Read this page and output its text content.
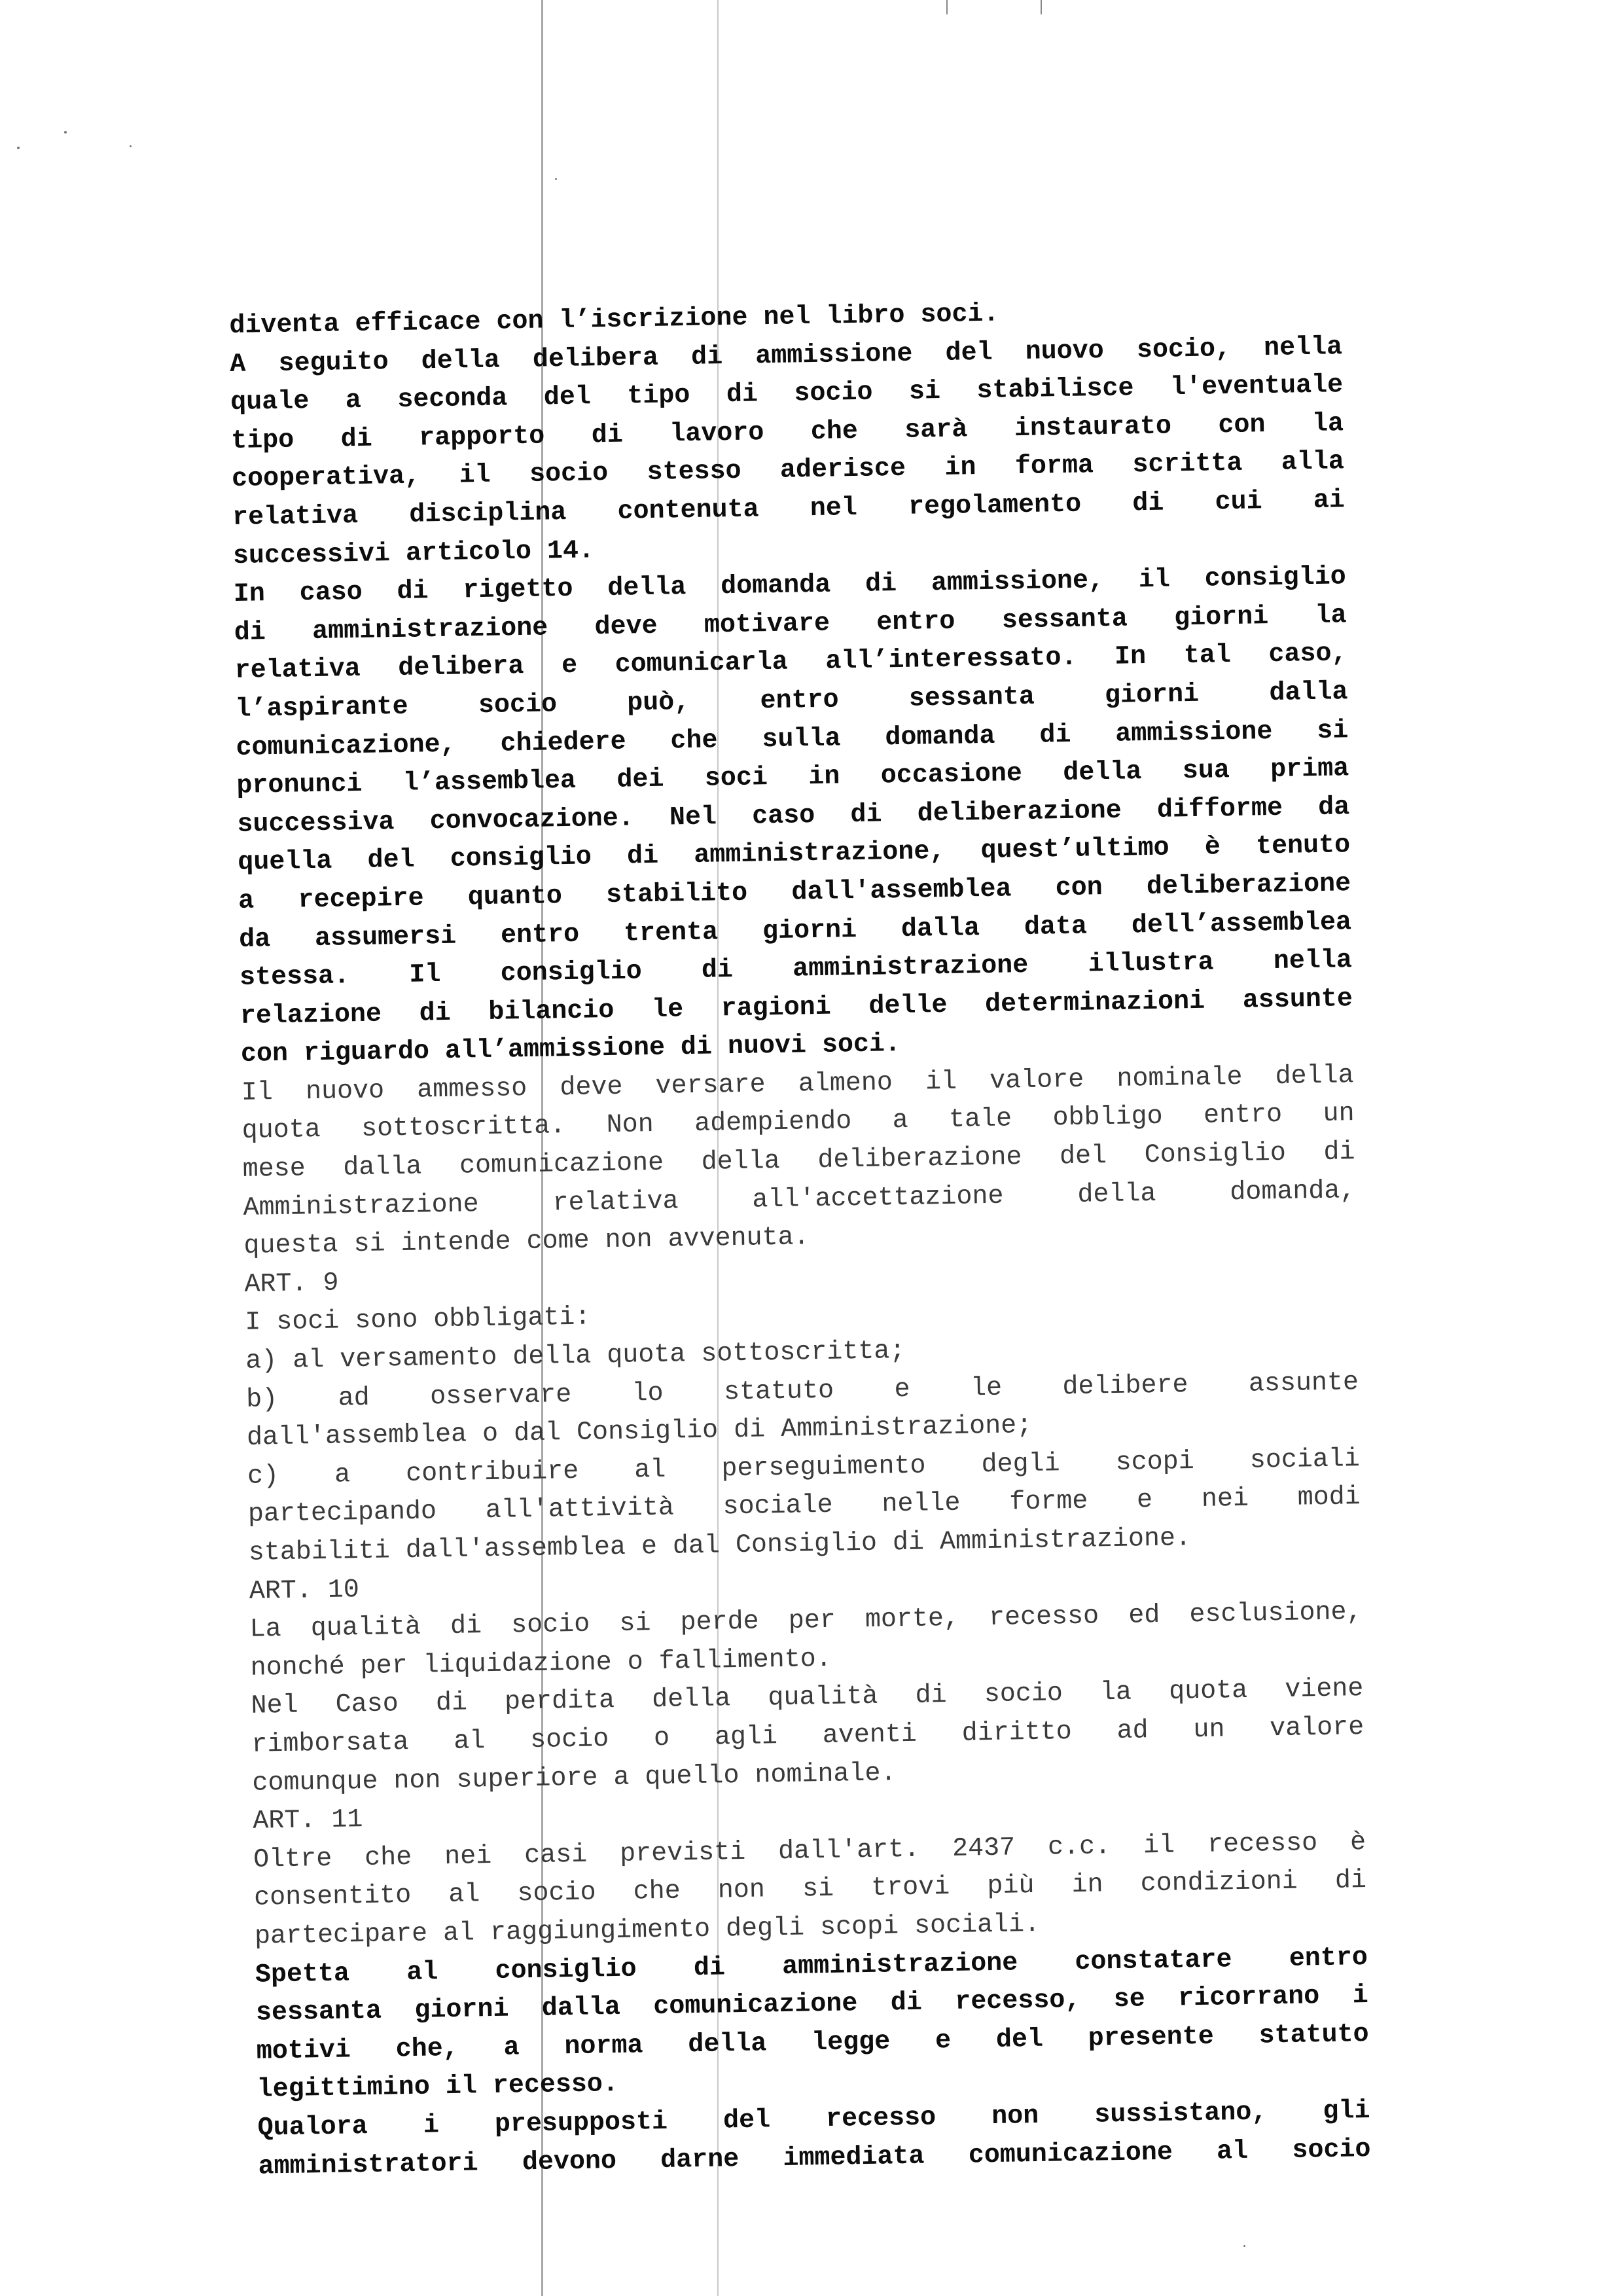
diventa efficace con l’iscrizione nel libro soci.
A seguito della delibera di ammissione del nuovo socio, nella
quale a seconda del tipo di socio si stabilisce l'eventuale
tipo di rapporto di lavoro che sarà instaurato con la
cooperativa, il socio stesso aderisce in forma scritta alla
relativa disciplina contenuta nel regolamento di cui ai
successivi articolo 14.
In caso di rigetto della domanda di ammissione, il consiglio
di amministrazione deve motivare entro sessanta giorni la
relativa delibera e comunicarla all’interessato. In tal caso,
l’aspirante socio può, entro sessanta giorni dalla
comunicazione, chiedere che sulla domanda di ammissione si
pronunci l’assemblea dei soci in occasione della sua prima
successiva convocazione. Nel caso di deliberazione difforme da
quella del consiglio di amministrazione, quest’ultimo è tenuto
a recepire quanto stabilito dall'assemblea con deliberazione
da assumersi entro trenta giorni dalla data dell’assemblea
stessa. Il consiglio di amministrazione illustra nella
relazione di bilancio le ragioni delle determinazioni assunte
con riguardo all’ammissione di nuovi soci.
Il nuovo ammesso deve versare almeno il valore nominale della
quota sottoscritta. Non adempiendo a tale obbligo entro un
mese dalla comunicazione della deliberazione del Consiglio di
Amministrazione relativa all'accettazione della domanda,
questa si intende come non avvenuta.
ART. 9
I soci sono obbligati:
a) al versamento della quota sottoscritta;
b) ad osservare lo statuto e le delibere assunte
dall'assemblea o dal Consiglio di Amministrazione;
c) a contribuire al perseguimento degli scopi sociali
partecipando all'attività sociale nelle forme e nei modi
stabiliti dall'assemblea e dal Consiglio di Amministrazione.
ART. 10
La qualità di socio si perde per morte, recesso ed esclusione,
nonché per liquidazione o fallimento.
Nel Caso di perdita della qualità di socio la quota viene
rimborsata al socio o agli aventi diritto ad un valore
comunque non superiore a quello nominale.
ART. 11
Oltre che nei casi previsti dall'art. 2437 c.c. il recesso è
consentito al socio che non si trovi più in condizioni di
partecipare al raggiungimento degli scopi sociali.
Spetta al consiglio di amministrazione constatare entro
sessanta giorni dalla comunicazione di recesso, se ricorrano i
motivi che, a norma della legge e del presente statuto
legittimino il recesso.
Qualora i presupposti del recesso non sussistano, gli
amministratori devono darne immediata comunicazione al socio
